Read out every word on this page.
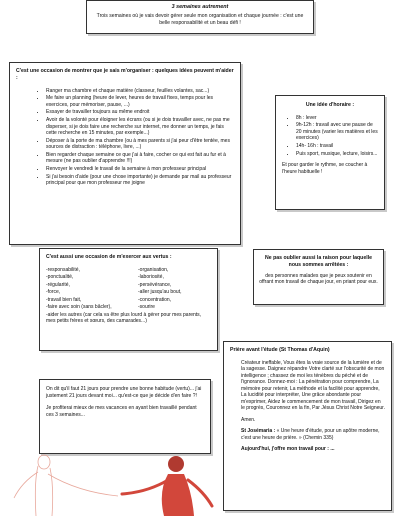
3 semaines autrement
Trois semaines où je vais devoir gérer seule mon organisation et chaque journée : c'est une belle responsabilité et un beau défi !
C'est une occasion de montrer que je sais m'organiser : quelques idées peuvent m'aider :
• Ranger ma chambre et chaque matière (classeur, feuilles volantes, sac...)
• Me faire un planning (heure de lever, heures de travail fixes, temps pour les exercices, pour mémoriser, pause, ...)
• Essayer de travailler toujours au même endroit
• Avoir de la volonté pour éloigner les écrans (ou si je dois travailler avec, ne pas me disperser, si je dois faire une recherche sur internet, me donner un temps, je fais cette recherche en 15 minutes, par exemple...)
• Déposer à la porte de ma chambre (ou à mes parents si j'ai peur d'être tentée, mes sources de distraction : téléphone, livre, ...)
• Bien regarder chaque semaine ce que j'ai à faire, cocher ce qui est fait au fur et à mesure (ne pas oublier d'apprendre !!!)
• Renvoyer le vendredi le travail de la semaine à mon professeur principal
• Si j'ai besoin d'aide (pour une chose importante) je demande par mail au professeur principal pour que mon professeur me joigne
Une idée d'horaire :
• 8h : lever
• 9h-12h : travail avec une pause de 20 minutes (varier les matières et les exercices)
• 14h- 16h : travail
• Puis sport, musique, lecture, loisirs...
Et pour garder le rythme, se coucher à l'heure habituelle !
C'est aussi une occasion de m'exercer aux vertus :

-responsabilité,

-ponctualité,

-régularité,

-force,

-travail bien fait,

-faire avec soin (sans bâcler),

-organisation,

-laboriosité,

-persévérance,

-aller jusqu'au bout,

-concentration,

-sourire

-aider les autres (car cela va être plus lourd à gérer pour mes parents, mes petits frères et sœurs, des camarades...)

Ne pas oublier aussi la raison pour laquelle nous sommes arrêtées :
des personnes malades que je peux soutenir en offrant mon travail de chaque jour, en priant pour eux.

On dit qu'il faut 21 jours pour prendre une bonne habitude (vertu)... j'ai justement 21 jours devant moi... qu'est-ce que je décide d'en faire ?!

Je profiterai mieux de mes vacances en ayant bien travaillé pendant ces 3 semaines...

Prière avant l'étude (St Thomas d'Aquin)

Créateur ineffable, Vous êtes la vraie source de la lumière et de la sagesse. Daignez répandre Votre clarté sur l'obscurité de mon intelligence ; chassez de moi les ténèbres du péché et de l'ignorance. Donnez-moi : La pénétration pour comprendre, La mémoire pour retenir, La méthode et la facilité pour apprendre, La lucidité pour interpréter, Une grâce abondante pour m'exprimer, Aidez le commencement de mon travail, Dirigez en le progrès, Couronnez en la fin, Par Jésus Christ Notre Seigneur.

Amen.

St Josémaria : « Une heure d'étude, pour un apôtre moderne, c'est une heure de prière. » (Chemin 335)

Aujourd'hui, j'offre mon travail pour : ...
